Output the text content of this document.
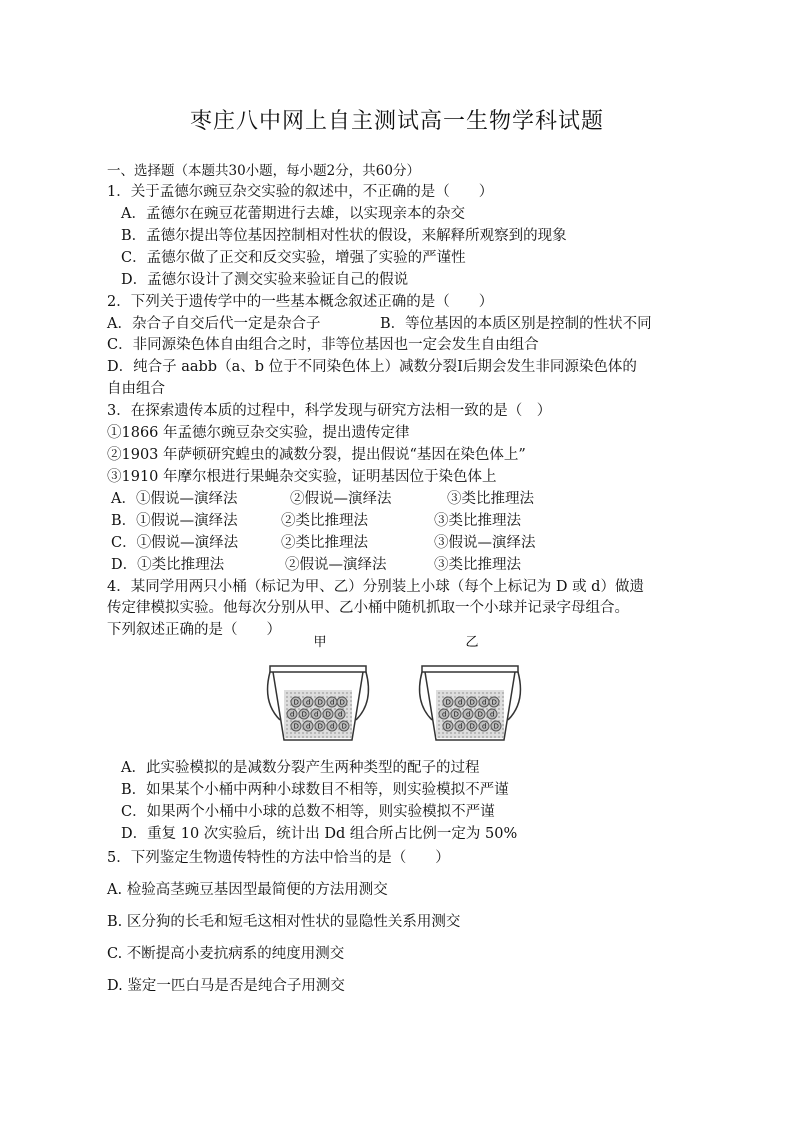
枣庄八中网上自主测试高一生物学科试题
一、选择题（本题共30小题，每小题2分，共60分）
1．关于孟德尔豌豆杂交实验的叙述中，不正确的是（　　）
A．孟德尔在豌豆花蕾期进行去雄，以实现亲本的杂交
B．孟德尔提出等位基因控制相对性状的假设，来解释所观察到的现象
C．孟德尔做了正交和反交实验，增强了实验的严谨性
D．孟德尔设计了测交实验来验证自己的假说
2．下列关于遗传学中的一些基本概念叙述正确的是（　　）
A．杂合子自交后代一定是杂合子	B．等位基因的本质区别是控制的性状不同
C．非同源染色体自由组合之时，非等位基因也一定会发生自由组合
D．纯合子 aabb（a、b 位于不同染色体上）减数分裂Ⅰ后期会发生非同源染色体的
自由组合
3．在探索遗传本质的过程中，科学发现与研究方法相一致的是（　）
①1866 年孟德尔豌豆杂交实验，提出遗传定律
②1903 年萨顿研究蝗虫的减数分裂，提出假说“基因在染色体上”
③1910 年摩尔根进行果蝇杂交实验，证明基因位于染色体上
A．①假说—演绎法	②假说—演绎法	③类比推理法
B．①假说—演绎法	②类比推理法	③类比推理法
C．①假说—演绎法	②类比推理法	③假说—演绎法
D．①类比推理法	②假说—演绎法	③类比推理法
4．某同学用两只小桶（标记为甲、乙）分别装上小球（每个上标记为 D 或 d）做遗
传定律模拟实验。他每次分别从甲、乙小桶中随机抓取一个小球并记录字母组合。
下列叙述正确的是（　　）
甲
D d D d D
d D d D d
D d D d D
乙
D d D d D
d D d D d
D d D d D
A．此实验模拟的是减数分裂产生两种类型的配子的过程
B．如果某个小桶中两种小球数目不相等，则实验模拟不严谨
C．如果两个小桶中小球的总数不相等，则实验模拟不严谨
D．重复 10 次实验后，统计出 Dd 组合所占比例一定为 50%
5．下列鉴定生物遗传特性的方法中恰当的是（　　）
A. 检验高茎豌豆基因型最简便的方法用测交
B. 区分狗的长毛和短毛这相对性状的显隐性关系用测交
C. 不断提高小麦抗病系的纯度用测交
D. 鉴定一匹白马是否是纯合子用测交
